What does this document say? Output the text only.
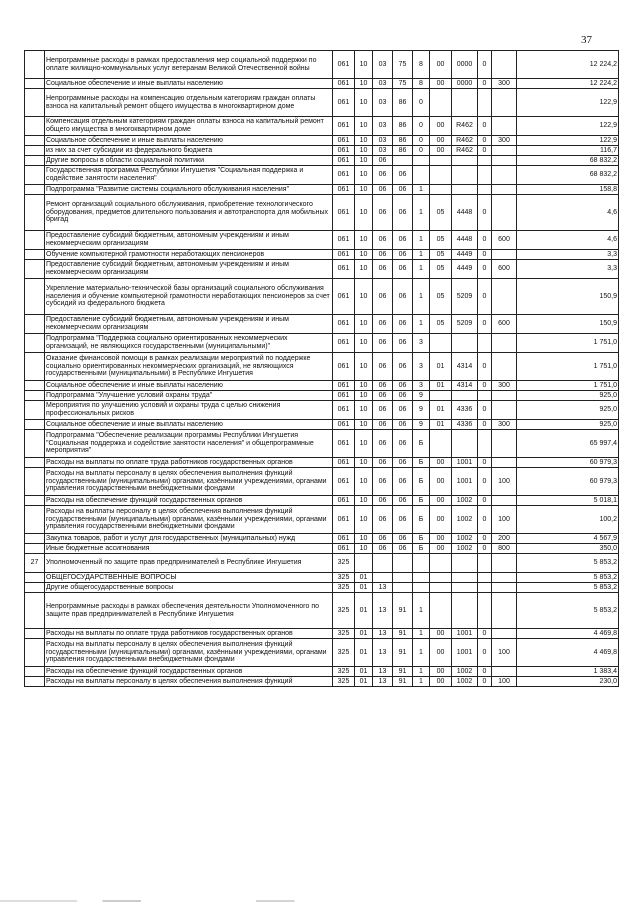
37
	Непрограммные расходы в рамках предоставления мер социальной поддержки по оплате жилищно-коммунальных услуг ветеранам Великой Отечественной войны	061	10	03	75	8	00	0000	0		12 224,2
	Социальное обеспечение и иные выплаты населению	061	10	03	75	8	00	0000	0	300	12 224,2
	Непрограммные расходы на компенсацию отдельным категориям граждан оплаты взноса на капитальный ремонт общего имущества в многоквартирном доме	061	10	03	86	0					122,9
	Компенсация отдельным категориям граждан оплаты взноса на капитальный ремонт общего имущества в многоквартирном доме	061	10	03	86	0	00	R462	0		122,9
	Социальное обеспечение и иные выплаты населению	061	10	03	86	0	00	R462	0	300	122,9
	из них за счет субсидии из федерального бюджета	061	10	03	86	0	00	R462	0		116,7
	Другие вопросы в области социальной политики	061	10	06							68 832,2
	Государственная программа Республики Ингушетия "Социальная поддержка и содействие занятости населения"	061	10	06	06						68 832,2
	Подпрограмма "Развитие системы социального обслуживания населения"	061	10	06	06	1					158,8
	Ремонт организаций социального обслуживания, приобретение технологического оборудования, предметов длительного пользования и автотранспорта для мобильных бригад	061	10	06	06	1	05	4448	0		4,6
	Предоставление субсидий бюджетным, автономным учреждениям и иным некоммерческим организациям	061	10	06	06	1	05	4448	0	600	4,6
	Обучение компьютерной грамотности неработающих пенсионеров	061	10	06	06	1	05	4449	0		3,3
	Предоставление субсидий бюджетным, автономным учреждениям и иным некоммерческим организациям	061	10	06	06	1	05	4449	0	600	3,3
	Укрепление материально-технической базы организаций социального обслуживания населения и обучение компьютерной грамотности неработающих пенсионеров за счет субсидий из федерального бюджета	061	10	06	06	1	05	5209	0		150,9
	Предоставление субсидий бюджетным, автономным учреждениям и иным некоммерческим организациям	061	10	06	06	1	05	5209	0	600	150,9
	Подпрограмма "Поддержка социально ориентированных некоммерческих организаций, не являющихся государственными (муниципальными)"	061	10	06	06	3					1 751,0
	Оказание финансовой помощи в рамках реализации мероприятий по поддержке социально ориентированных некоммерческих организаций, не являющихся государственными (муниципальными) в Республике Ингушетия	061	10	06	06	3	01	4314	0		1 751,0
	Социальное обеспечение и иные выплаты населению	061	10	06	06	3	01	4314	0	300	1 751,0
	Подпрограмма "Улучшение условий охраны труда"	061	10	06	06	9					925,0
	Мероприятия по улучшению условий и охраны труда с целью снижения профессиональных рисков	061	10	06	06	9	01	4336	0		925,0
	Социальное обеспечение и иные выплаты населению	061	10	06	06	9	01	4336	0	300	925,0
	Подпрограмма "Обеспечение реализации программы Республики Ингушетия "Социальная поддержка и содействие занятости населения" и общепрограммные мероприятия"	061	10	06	06	Б					65 997,4
	Расходы на выплаты по оплате труда работников государственных органов	061	10	06	06	Б	00	1001	0		60 979,3
	Расходы на выплаты персоналу в целях обеспечения выполнения функций государственными (муниципальными) органами, казёнными учреждениями, органами управления государственными внебюджетными фондами	061	10	06	06	Б	00	1001	0	100	60 979,3
	Расходы на обеспечение функций государственных органов	061	10	06	06	Б	00	1002	0		5 018,1
	Расходы на выплаты персоналу в целях обеспечения выполнения функций государственными (муниципальными) органами, казёнными учреждениями, органами управления государственными внебюджетными фондами	061	10	06	06	Б	00	1002	0	100	100,2
	Закупка товаров, работ и услуг для государственных (муниципальных) нужд	061	10	06	06	Б	00	1002	0	200	4 567,9
	Иные бюджетные ассигнования	061	10	06	06	Б	00	1002	0	800	350,0
27	Уполномоченный по защите прав предпринимателей в Республике Ингушетия	325									5 853,2
	ОБЩЕГОСУДАРСТВЕННЫЕ ВОПРОСЫ	325	01								5 853,2
	Другие общегосударственные вопросы	325	01	13							5 853,2
	Непрограммные расходы в рамках обеспечения деятельности Уполномоченного по защите прав предпринимателей в Республике Ингушетия	325	01	13	91	1					5 853,2
	Расходы на выплаты по оплате труда работников государственных органов	325	01	13	91	1	00	1001	0		4 469,8
	Расходы на выплаты персоналу в целях обеспечения выполнения функций государственными (муниципальными) органами, казёнными учреждениями, органами управления государственными внебюджетными фондами	325	01	13	91	1	00	1001	0	100	4 469,8
	Расходы на обеспечение функций государственных органов	325	01	13	91	1	00	1002	0		1 383,4
	Расходы на выплаты персоналу в целях обеспечения выполнения функций	325	01	13	91	1	00	1002	0	100	230,0
